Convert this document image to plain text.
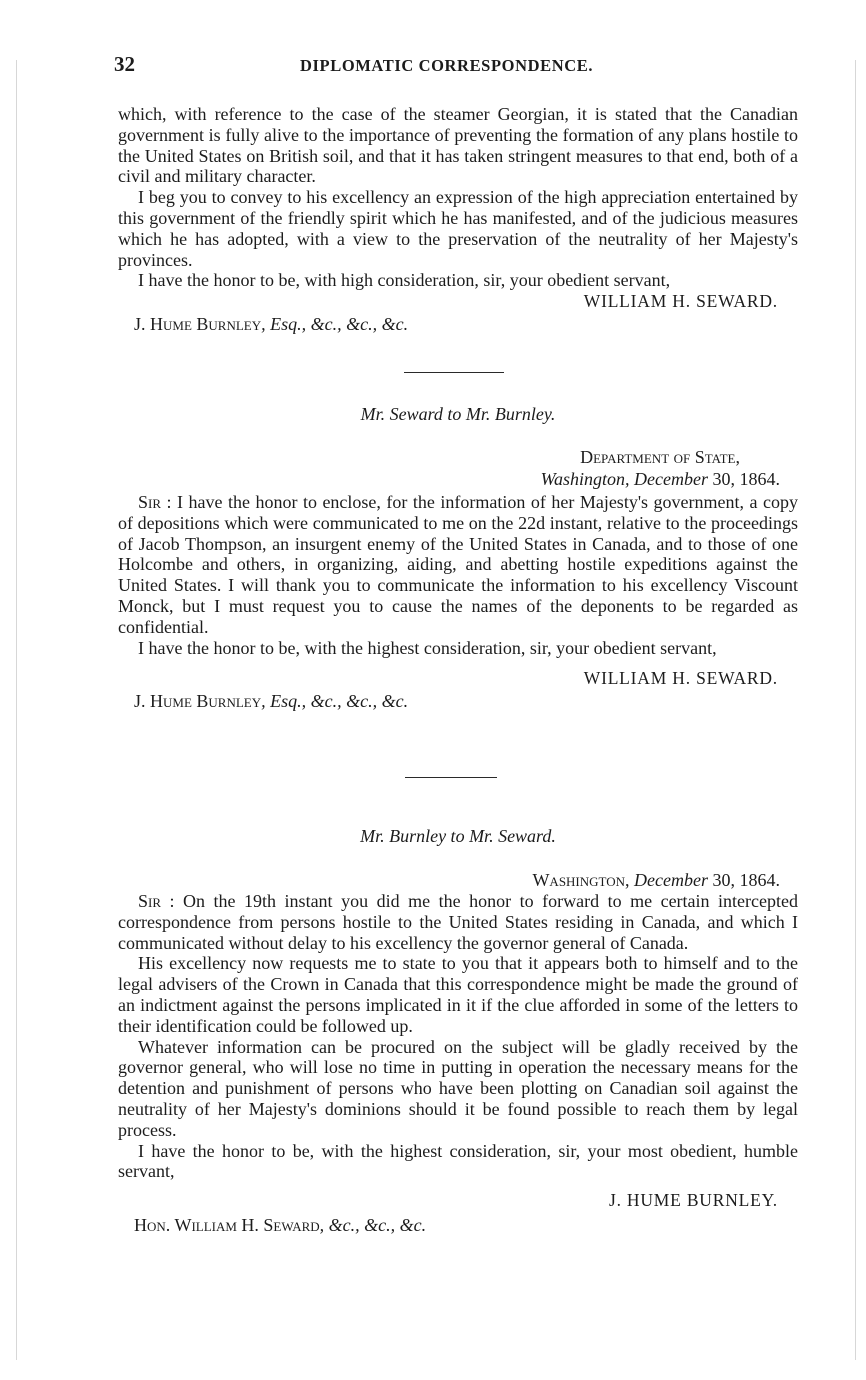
32	DIPLOMATIC CORRESPONDENCE.

which, with reference to the case of the steamer Georgian, it is stated that the Canadian government is fully alive to the importance of preventing the formation of any plans hostile to the United States on British soil, and that it has taken stringent measures to that end, both of a civil and military character.

I beg you to convey to his excellency an expression of the high appreciation entertained by this government of the friendly spirit which he has manifested, and of the judicious measures which he has adopted, with a view to the preservation of the neutrality of her Majesty's provinces.

I have the honor to be, with high consideration, sir, your obedient servant,

WILLIAM H. SEWARD.
J. Hume Burnley, Esq., &c., &c., &c.
Mr. Seward to Mr. Burnley.
Department of State,
Washington, December 30, 1864.

Sir : I have the honor to enclose, for the information of her Majesty's government, a copy of depositions which were communicated to me on the 22d instant, relative to the proceedings of Jacob Thompson, an insurgent enemy of the United States in Canada, and to those of one Holcombe and others, in organizing, aiding, and abetting hostile expeditions against the United States. I will thank you to communicate the information to his excellency Viscount Monck, but I must request you to cause the names of the deponents to be regarded as confidential.

I have the honor to be, with the highest consideration, sir, your obedient servant,

WILLIAM H. SEWARD.
J. Hume Burnley, Esq., &c., &c., &c.
Mr. Burnley to Mr. Seward.
Washington, December 30, 1864.

Sir : On the 19th instant you did me the honor to forward to me certain intercepted correspondence from persons hostile to the United States residing in Canada, and which I communicated without delay to his excellency the governor general of Canada.

His excellency now requests me to state to you that it appears both to himself and to the legal advisers of the Crown in Canada that this correspondence might be made the ground of an indictment against the persons implicated in it if the clue afforded in some of the letters to their identification could be followed up.

Whatever information can be procured on the subject will be gladly received by the governor general, who will lose no time in putting in operation the necessary means for the detention and punishment of persons who have been plotting on Canadian soil against the neutrality of her Majesty's dominions should it be found possible to reach them by legal process.

I have the honor to be, with the highest consideration, sir, your most obedient, humble servant,

J. HUME BURNLEY.
Hon. William H. Seward, &c., &c., &c.
